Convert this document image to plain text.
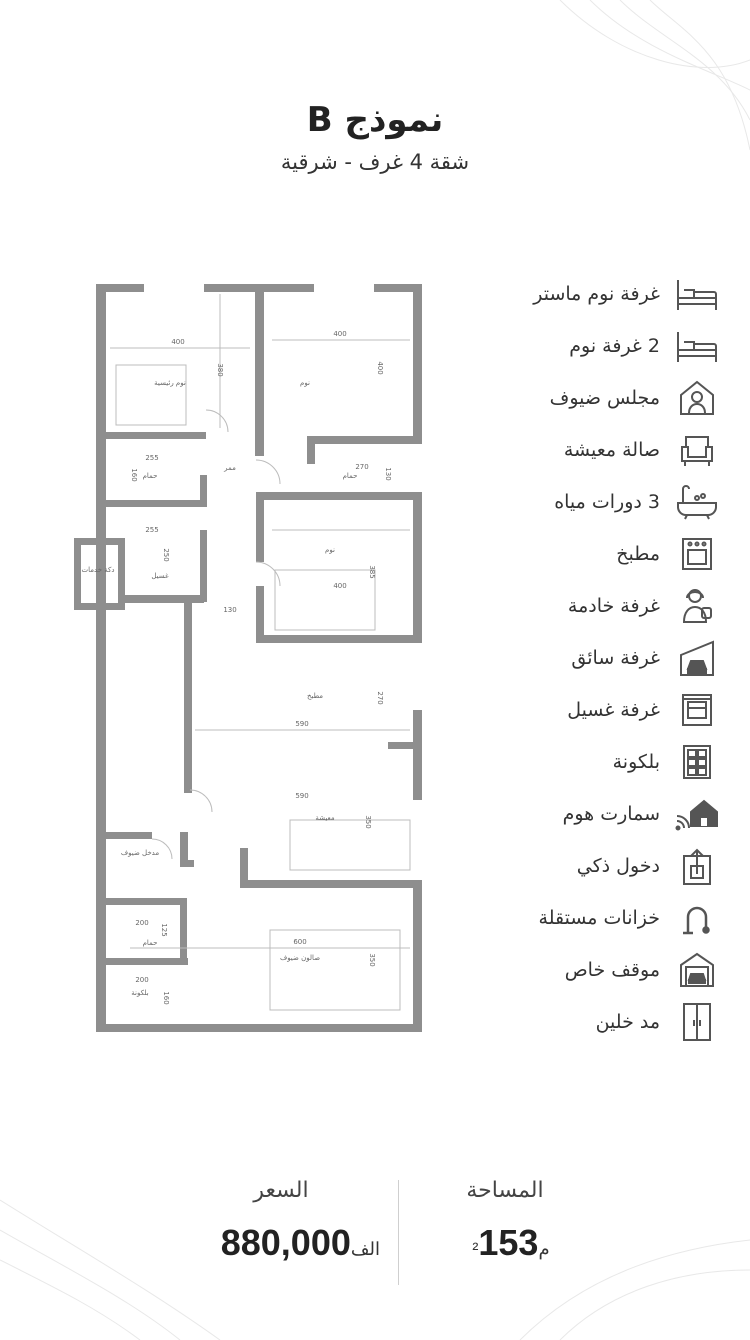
نموذج B
شقة 4 غرف - شرقية
نوم رئيسية
حمام
غسيل
دكة خدمات
نوم
حمام
نوم
مطبخ
معيشة
مدخل ضيوف
حمام
صالون ضيوف
بلكونة
ممر
400
380
400
400
255
160
270
130
255
250
400
385
130
270
590
590
350
200
125
600
350
200
160
غرفة نوم ماستر
2 غرفة نوم
مجلس ضيوف
صالة معيشة
3 دورات مياه
مطبخ
غرفة خادمة
غرفة سائق
غرفة غسيل
بلكونة
سمارت هوم
دخول ذكي
خزانات مستقلة
موقف خاص
مد خلين
المساحة
م²153
السعر
الف880,000
